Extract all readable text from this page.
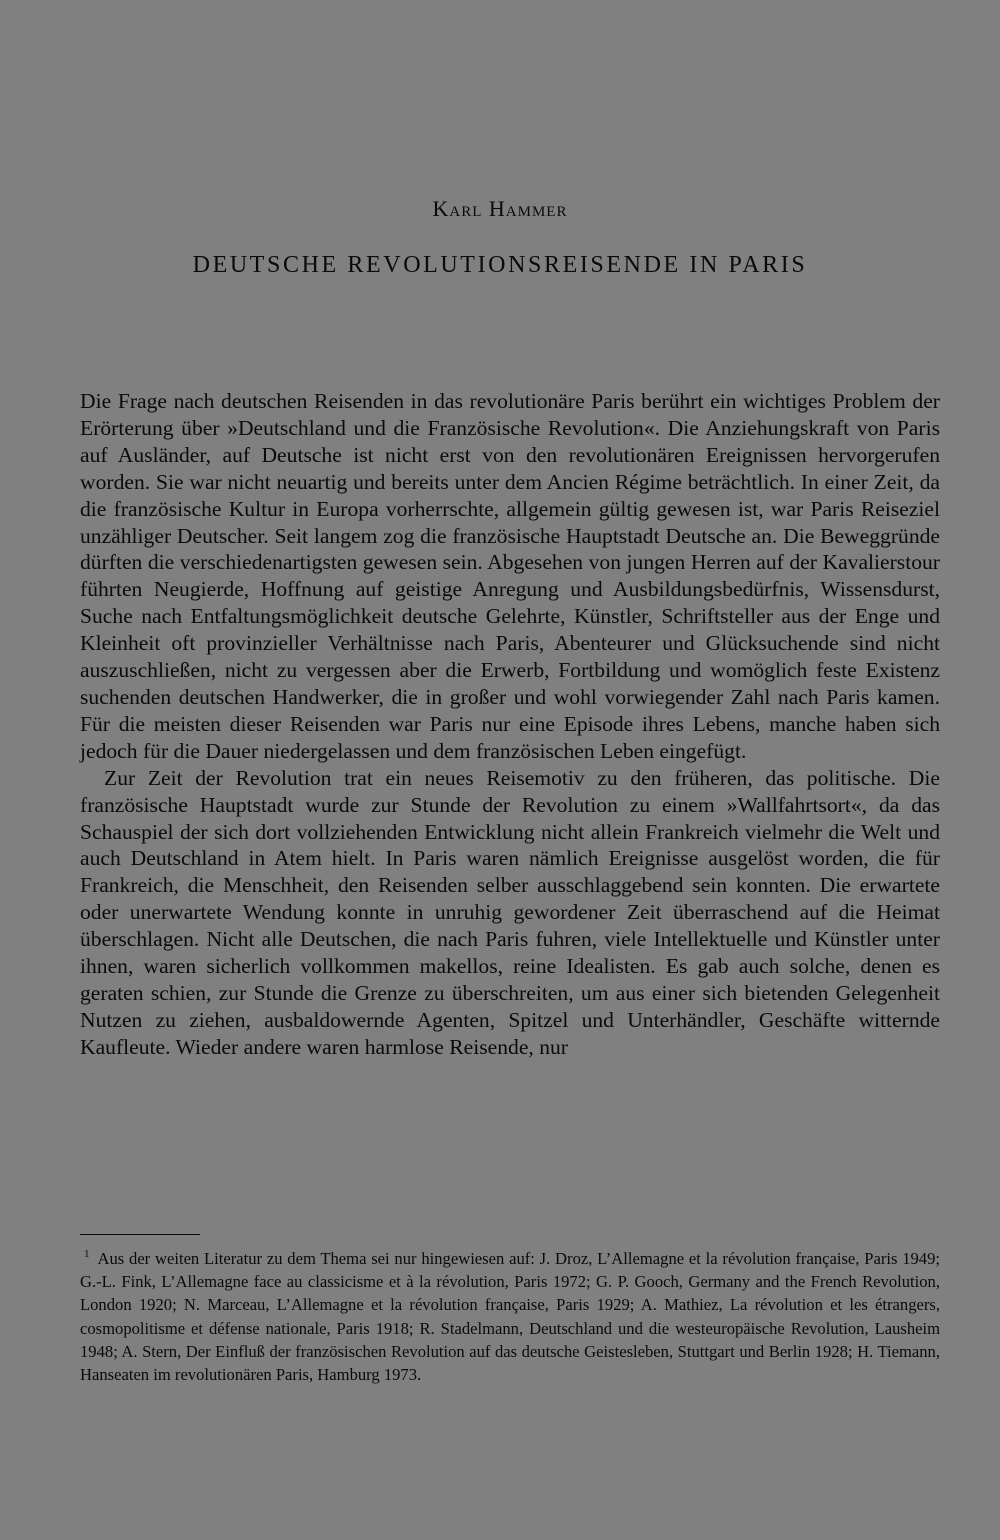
Karl Hammer
DEUTSCHE REVOLUTIONSREISENDE IN PARIS

Die Frage nach deutschen Reisenden in das revolutionäre Paris berührt ein wichtiges Problem der Erörterung über »Deutschland und die Französische Revolution«. Die Anziehungskraft von Paris auf Ausländer, auf Deutsche ist nicht erst von den revolutionären Ereignissen hervorgerufen worden. Sie war nicht neuartig und bereits unter dem Ancien Régime beträchtlich. In einer Zeit, da die französische Kultur in Europa vorherrschte, allgemein gültig gewesen ist, war Paris Reiseziel unzähliger Deutscher. Seit langem zog die französische Hauptstadt Deutsche an. Die Beweggründe dürften die verschiedenartigsten gewesen sein. Abgesehen von jungen Herren auf der Kavalierstour führten Neugierde, Hoffnung auf geistige Anregung und Ausbildungsbedürfnis, Wissensdurst, Suche nach Entfaltungsmöglichkeit deutsche Gelehrte, Künstler, Schriftsteller aus der Enge und Kleinheit oft provinzieller Verhältnisse nach Paris, Abenteurer und Glücksuchende sind nicht auszuschließen, nicht zu vergessen aber die Erwerb, Fortbildung und womöglich feste Existenz suchenden deutschen Handwerker, die in großer und wohl vorwiegender Zahl nach Paris kamen. Für die meisten dieser Reisenden war Paris nur eine Episode ihres Lebens, manche haben sich jedoch für die Dauer niedergelassen und dem französischen Leben eingefügt.

Zur Zeit der Revolution trat ein neues Reisemotiv zu den früheren, das politische. Die französische Hauptstadt wurde zur Stunde der Revolution zu einem »Wallfahrtsort«, da das Schauspiel der sich dort vollziehenden Entwicklung nicht allein Frankreich vielmehr die Welt und auch Deutschland in Atem hielt. In Paris waren nämlich Ereignisse ausgelöst worden, die für Frankreich, die Menschheit, den Reisenden selber ausschlaggebend sein konnten. Die erwartete oder unerwartete Wendung konnte in unruhig gewordener Zeit überraschend auf die Heimat überschlagen. Nicht alle Deutschen, die nach Paris fuhren, viele Intellektuelle und Künstler unter ihnen, waren sicherlich vollkommen makellos, reine Idealisten. Es gab auch solche, denen es geraten schien, zur Stunde die Grenze zu überschreiten, um aus einer sich bietenden Gelegenheit Nutzen zu ziehen, ausbaldowernde Agenten, Spitzel und Unterhändler, Geschäfte witternde Kaufleute. Wieder andere waren harmlose Reisende, nur

$^1$ Aus der weiten Literatur zu dem Thema sei nur hingewiesen auf: J. Droz, L’Allemagne et la révolution française, Paris 1949; G.-L. Fink, L’Allemagne face au classicisme et à la révolution, Paris 1972; G. P. Gooch, Germany and the French Revolution, London 1920; N. Marceau, L’Allemagne et la révolution française, Paris 1929; A. Mathiez, La révolution et les étrangers, cosmopolitisme et défense nationale, Paris 1918; R. Stadelmann, Deutschland und die westeuropäische Revolution, Lausheim 1948; A. Stern, Der Einfluß der französischen Revolution auf das deutsche Geistesleben, Stuttgart und Berlin 1928; H. Tiemann, Hanseaten im revolutionären Paris, Hamburg 1973.
